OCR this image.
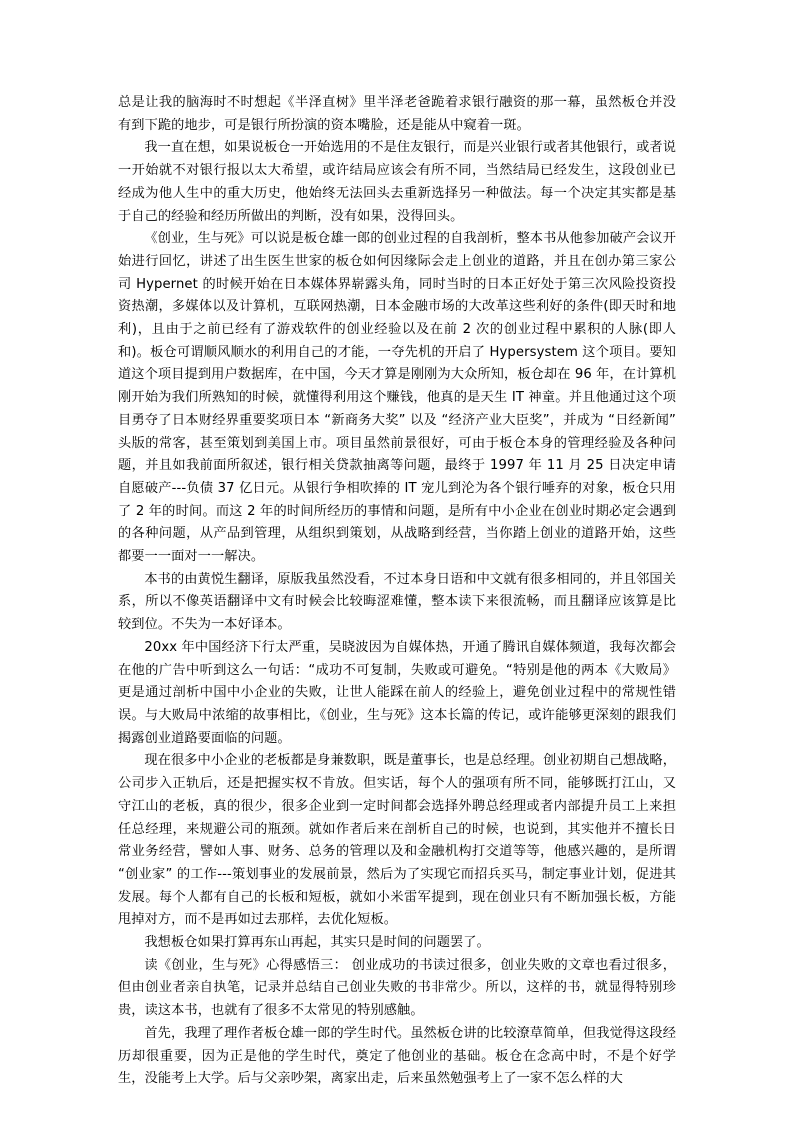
总是让我的脑海时不时想起《半泽直树》里半泽老爸跪着求银行融资的那一幕，虽然板仓并没有到下跪的地步，可是银行所扮演的资本嘴脸，还是能从中窥着一斑。

我一直在想，如果说板仓一开始选用的不是住友银行，而是兴业银行或者其他银行，或者说一开始就不对银行报以太大希望，或许结局应该会有所不同，当然结局已经发生，这段创业已经成为他人生中的重大历史，他始终无法回头去重新选择另一种做法。每一个决定其实都是基于自己的经验和经历所做出的判断，没有如果，没得回头。

《创业，生与死》可以说是板仓雄一郎的创业过程的自我剖析，整本书从他参加破产会议开始进行回忆，讲述了出生医生世家的板仓如何因缘际会走上创业的道路，并且在创办第三家公司 Hypernet 的时候开始在日本媒体界崭露头角，同时当时的日本正好处于第三次风险投资投资热潮，多媒体以及计算机，互联网热潮，日本金融市场的大改革这些利好的条件(即天时和地利)，且由于之前已经有了游戏软件的创业经验以及在前 2 次的创业过程中累积的人脉(即人和)。板仓可谓顺风顺水的利用自己的才能，一夺先机的开启了 Hypersystem 这个项目。要知道这个项目提到用户数据库，在中国，今天才算是刚刚为大众所知，板仓却在 96 年，在计算机刚开始为我们所熟知的时候，就懂得利用这个赚钱，他真的是天生 IT 神童。并且他通过这个项目勇夺了日本财经界重要奖项日本 “新商务大奖” 以及 “经济产业大臣奖”，并成为 “日经新闻” 头版的常客，甚至策划到美国上市。项目虽然前景很好，可由于板仓本身的管理经验及各种问题，并且如我前面所叙述，银行相关贷款抽离等问题，最终于 1997 年 11 月 25 日决定申请自愿破产---负债 37 亿日元。从银行争相吹捧的 IT 宠儿到沦为各个银行唾弃的对象，板仓只用了 2 年的时间。而这 2 年的时间所经历的事情和问题，是所有中小企业在创业时期必定会遇到的各种问题，从产品到管理，从组织到策划，从战略到经营，当你踏上创业的道路开始，这些都要一一面对一一解决。

本书的由黄悦生翻译，原版我虽然没看，不过本身日语和中文就有很多相同的，并且邻国关系，所以不像英语翻译中文有时候会比较晦涩难懂，整本读下来很流畅，而且翻译应该算是比较到位。不失为一本好译本。

20xx 年中国经济下行太严重，吴晓波因为自媒体热，开通了腾讯自媒体频道，我每次都会在他的广告中听到这么一句话：“成功不可复制，失败或可避免。“特别是他的两本《大败局》更是通过剖析中国中小企业的失败，让世人能踩在前人的经验上，避免创业过程中的常规性错误。与大败局中浓缩的故事相比，《创业，生与死》这本长篇的传记，或许能够更深刻的跟我们揭露创业道路要面临的问题。

现在很多中小企业的老板都是身兼数职，既是董事长，也是总经理。创业初期自己想战略，公司步入正轨后，还是把握实权不肯放。但实话，每个人的强项有所不同，能够既打江山，又守江山的老板，真的很少，很多企业到一定时间都会选择外聘总经理或者内部提升员工上来担任总经理，来规避公司的瓶颈。就如作者后来在剖析自己的时候，也说到，其实他并不擅长日常业务经营，譬如人事、财务、总务的管理以及和金融机构打交道等等，他感兴趣的，是所谓 “创业家” 的工作---策划事业的发展前景，然后为了实现它而招兵买马，制定事业计划，促进其发展。每个人都有自己的长板和短板，就如小米雷军提到，现在创业只有不断加强长板，方能甩掉对方，而不是再如过去那样，去优化短板。

我想板仓如果打算再东山再起，其实只是时间的问题罢了。

读《创业，生与死》心得感悟三： 创业成功的书读过很多，创业失败的文章也看过很多，但由创业者亲自执笔，记录并总结自己创业失败的书非常少。所以，这样的书，就显得特别珍贵，读这本书，也就有了很多不太常见的特别感触。

首先，我理了理作者板仓雄一郎的学生时代。虽然板仓讲的比较潦草简单，但我觉得这段经历却很重要，因为正是他的学生时代，奠定了他创业的基础。板仓在念高中时，不是个好学生，没能考上大学。后与父亲吵架，离家出走，后来虽然勉强考上了一家不怎么样的大
